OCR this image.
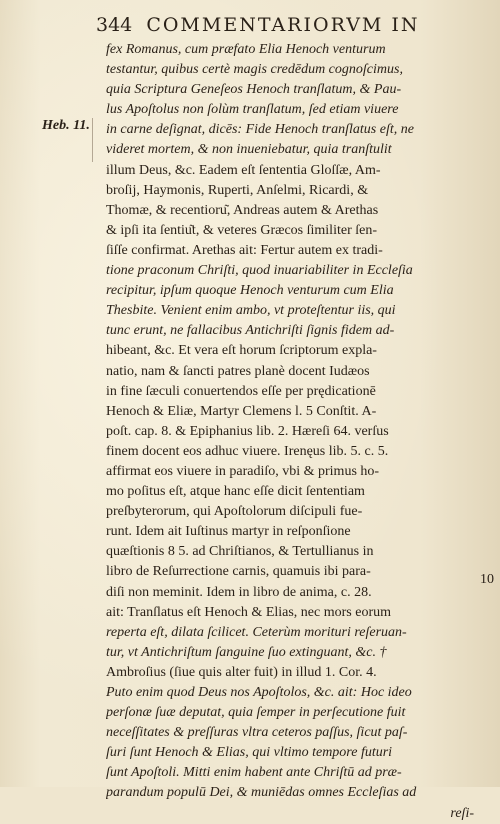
344 COMMENTARIORVM IN
Heb. 11.
fex Romanus, cum præfato Elia Henoch venturum
testantur, quibus certè magis credēdum cognoſcimus,
quia Scriptura Geneſeos Henoch tranſlatum, & Pau-
lus Apoſtolus non ſolùm tranſlatum, ſed etiam viuere
in carne deſignat, dicēs: Fide Henoch tranſlatus eſt, ne
videret mortem, & non inueniebatur, quia tranſtulit
illum Deus, &c. Eadem eſt ſententia Gloſſæ, Am-
broſij, Haymonis, Ruperti, Anſelmi, Ricardi, &
Thomæ, & recentioru͂, Andreas autem & Arethas
& ipſi ita ſentiu͂t, & veteres Græcos ſimiliter ſen-
ſiſſe confirmat. Arethas ait: Fertur autem ex tradi-
tione praconum Chriſti, quod inuariabiliter in Eccleſia
recipitur, ipſum quoque Henoch venturum cum Elia
Thesbite. Venient enim ambo, vt proteſtentur iis, qui
tunc erunt, ne fallacibus Antichriſti ſignis fidem ad-
hibeant, &c. Et vera eſt horum ſcriptorum expla-
natio, nam & ſancti patres planè docent Iudæos
in fine ſæculi conuertendos eſſe per prędicationē
Henoch & Eliæ, Martyr Clemens l. 5 Conſtit. A-
poſt. cap. 8. & Epiphanius lib. 2. Hæreſi 64. verſus
finem docent eos adhuc viuere. Irenęus lib. 5. c. 5.
affirmat eos viuere in paradiſo, vbi & primus ho-
mo poſitus eſt, atque hanc eſſe dicit ſententiam
preſbyterorum, qui Apoſtolorum diſcipuli fue-
runt. Idem ait Iuſtinus martyr in reſponſione
quæſtionis 8 5. ad Chriſtianos, & Tertullianus in
libro de Reſurrectione carnis, quamuis ibi para-
diſi non meminit. Idem in libro de anima, c. 28.
ait: Tranſlatus eſt Henoch & Elias, nec mors eorum
reperta eſt, dilata ſcilicet. Ceterùm morituri reſeruan-
tur, vt Antichriſtum ſanguine ſuo extinguant, &c. †
Ambroſius (ſiue quis alter fuit) in illud 1. Cor. 4.
Puto enim quod Deus nos Apoſtolos, &c. ait: Hoc ideo
perſonæ ſuæ deputat, quia ſemper in perſecutione fuit
neceſſitates & preſſuras vltra ceteros paſſus, ſicut paſ-
ſuri ſunt Henoch & Elias, qui vltimo tempore futuri
ſunt Apoſtoli. Mitti enim habent ante Chriſtū ad præ-
parandum populū Dei, & muniēdas omnes Eccleſias ad
reſi-
10
